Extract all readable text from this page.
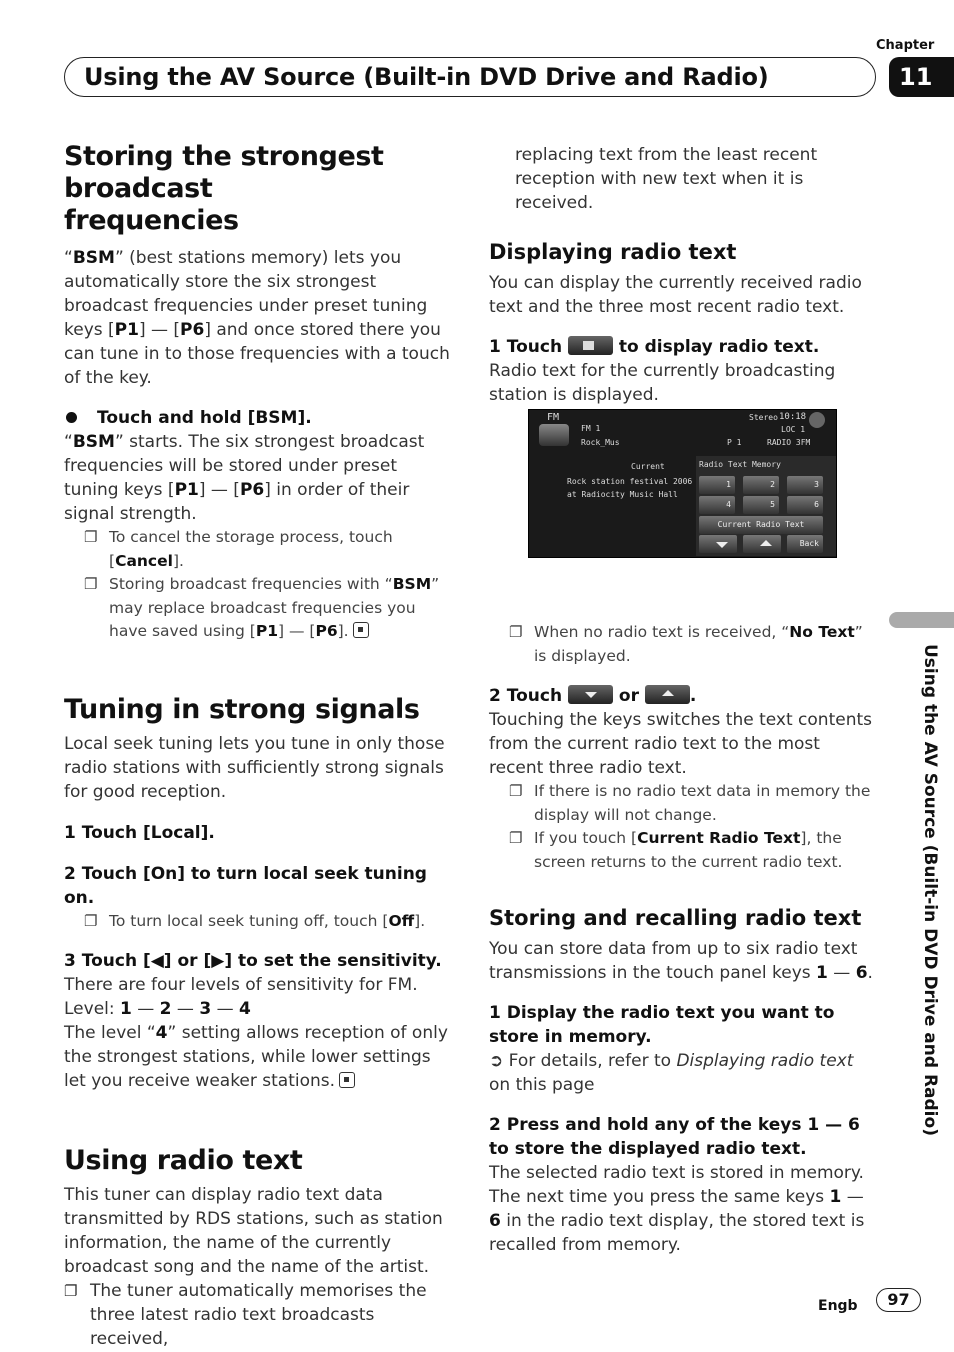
Chapter
Using the AV Source (Built-in DVD Drive and Radio)	11
Using the AV Source (Built-in DVD Drive and Radio)
Storing the strongest broadcast frequencies

“BSM” (best stations memory) lets you automatically store the six strongest broadcast frequencies under preset tuning keys [P1] — [P6] and once stored there you can tune in to those frequencies with a touch of the key.

Touch and hold [BSM].

“BSM” starts. The six strongest broadcast frequencies will be stored under preset tuning keys [P1] — [P6] in order of their signal strength.

❐ To cancel the storage process, touch [Cancel].
❐ Storing broadcast frequencies with “BSM” may replace broadcast frequencies you have saved using [P1] — [P6].
Tuning in strong signals

Local seek tuning lets you tune in only those radio stations with sufficiently strong signals for good reception.

1 Touch [Local].
2 Touch [On] to turn local seek tuning on.
❐ To turn local seek tuning off, touch [Off].
3 Touch [◀] or [▶] to set the sensitivity.

There are four levels of sensitivity for FM.

Level: 1 — 2 — 3 — 4

The level “4” setting allows reception of only the strongest stations, while lower settings let you receive weaker stations.

Using radio text

This tuner can display radio text data transmitted by RDS stations, such as station information, the name of the currently broadcast song and the name of the artist.

❐ The tuner automatically memorises the three latest radio text broadcasts received,

replacing text from the least recent reception with new text when it is received.

Displaying radio text

You can display the currently received radio text and the three most recent radio text.

1 Touch	to display radio text.

Radio text for the currently broadcasting station is displayed.

❐ When no radio text is received, “No Text” is displayed.
2 Touch	or	.

Touching the keys switches the text contents from the current radio text to the most recent three radio text.

❐ If there is no radio text data in memory the display will not change.
❐ If you touch [Current Radio Text], the screen returns to the current radio text.
Storing and recalling radio text

You can store data from up to six radio text transmissions in the touch panel keys 1 — 6.

1 Display the radio text you want to store in memory.

➲ For details, refer to Displaying radio text on this page

2 Press and hold any of the keys 1 — 6 to store the displayed radio text.

The selected radio text is stored in memory. The next time you press the same keys 1 — 6 in the radio text display, the stored text is recalled from memory.

FM	Stereo 10:18
FM 1
Rock_Mus
LOC 1
P 1	RADIO 3FM
Current
Rock station festival 2006
at Radiocity Music Hall
Radio Text Memory
1	2	3
4	5	6
Current Radio Text
Back
Engb	97
